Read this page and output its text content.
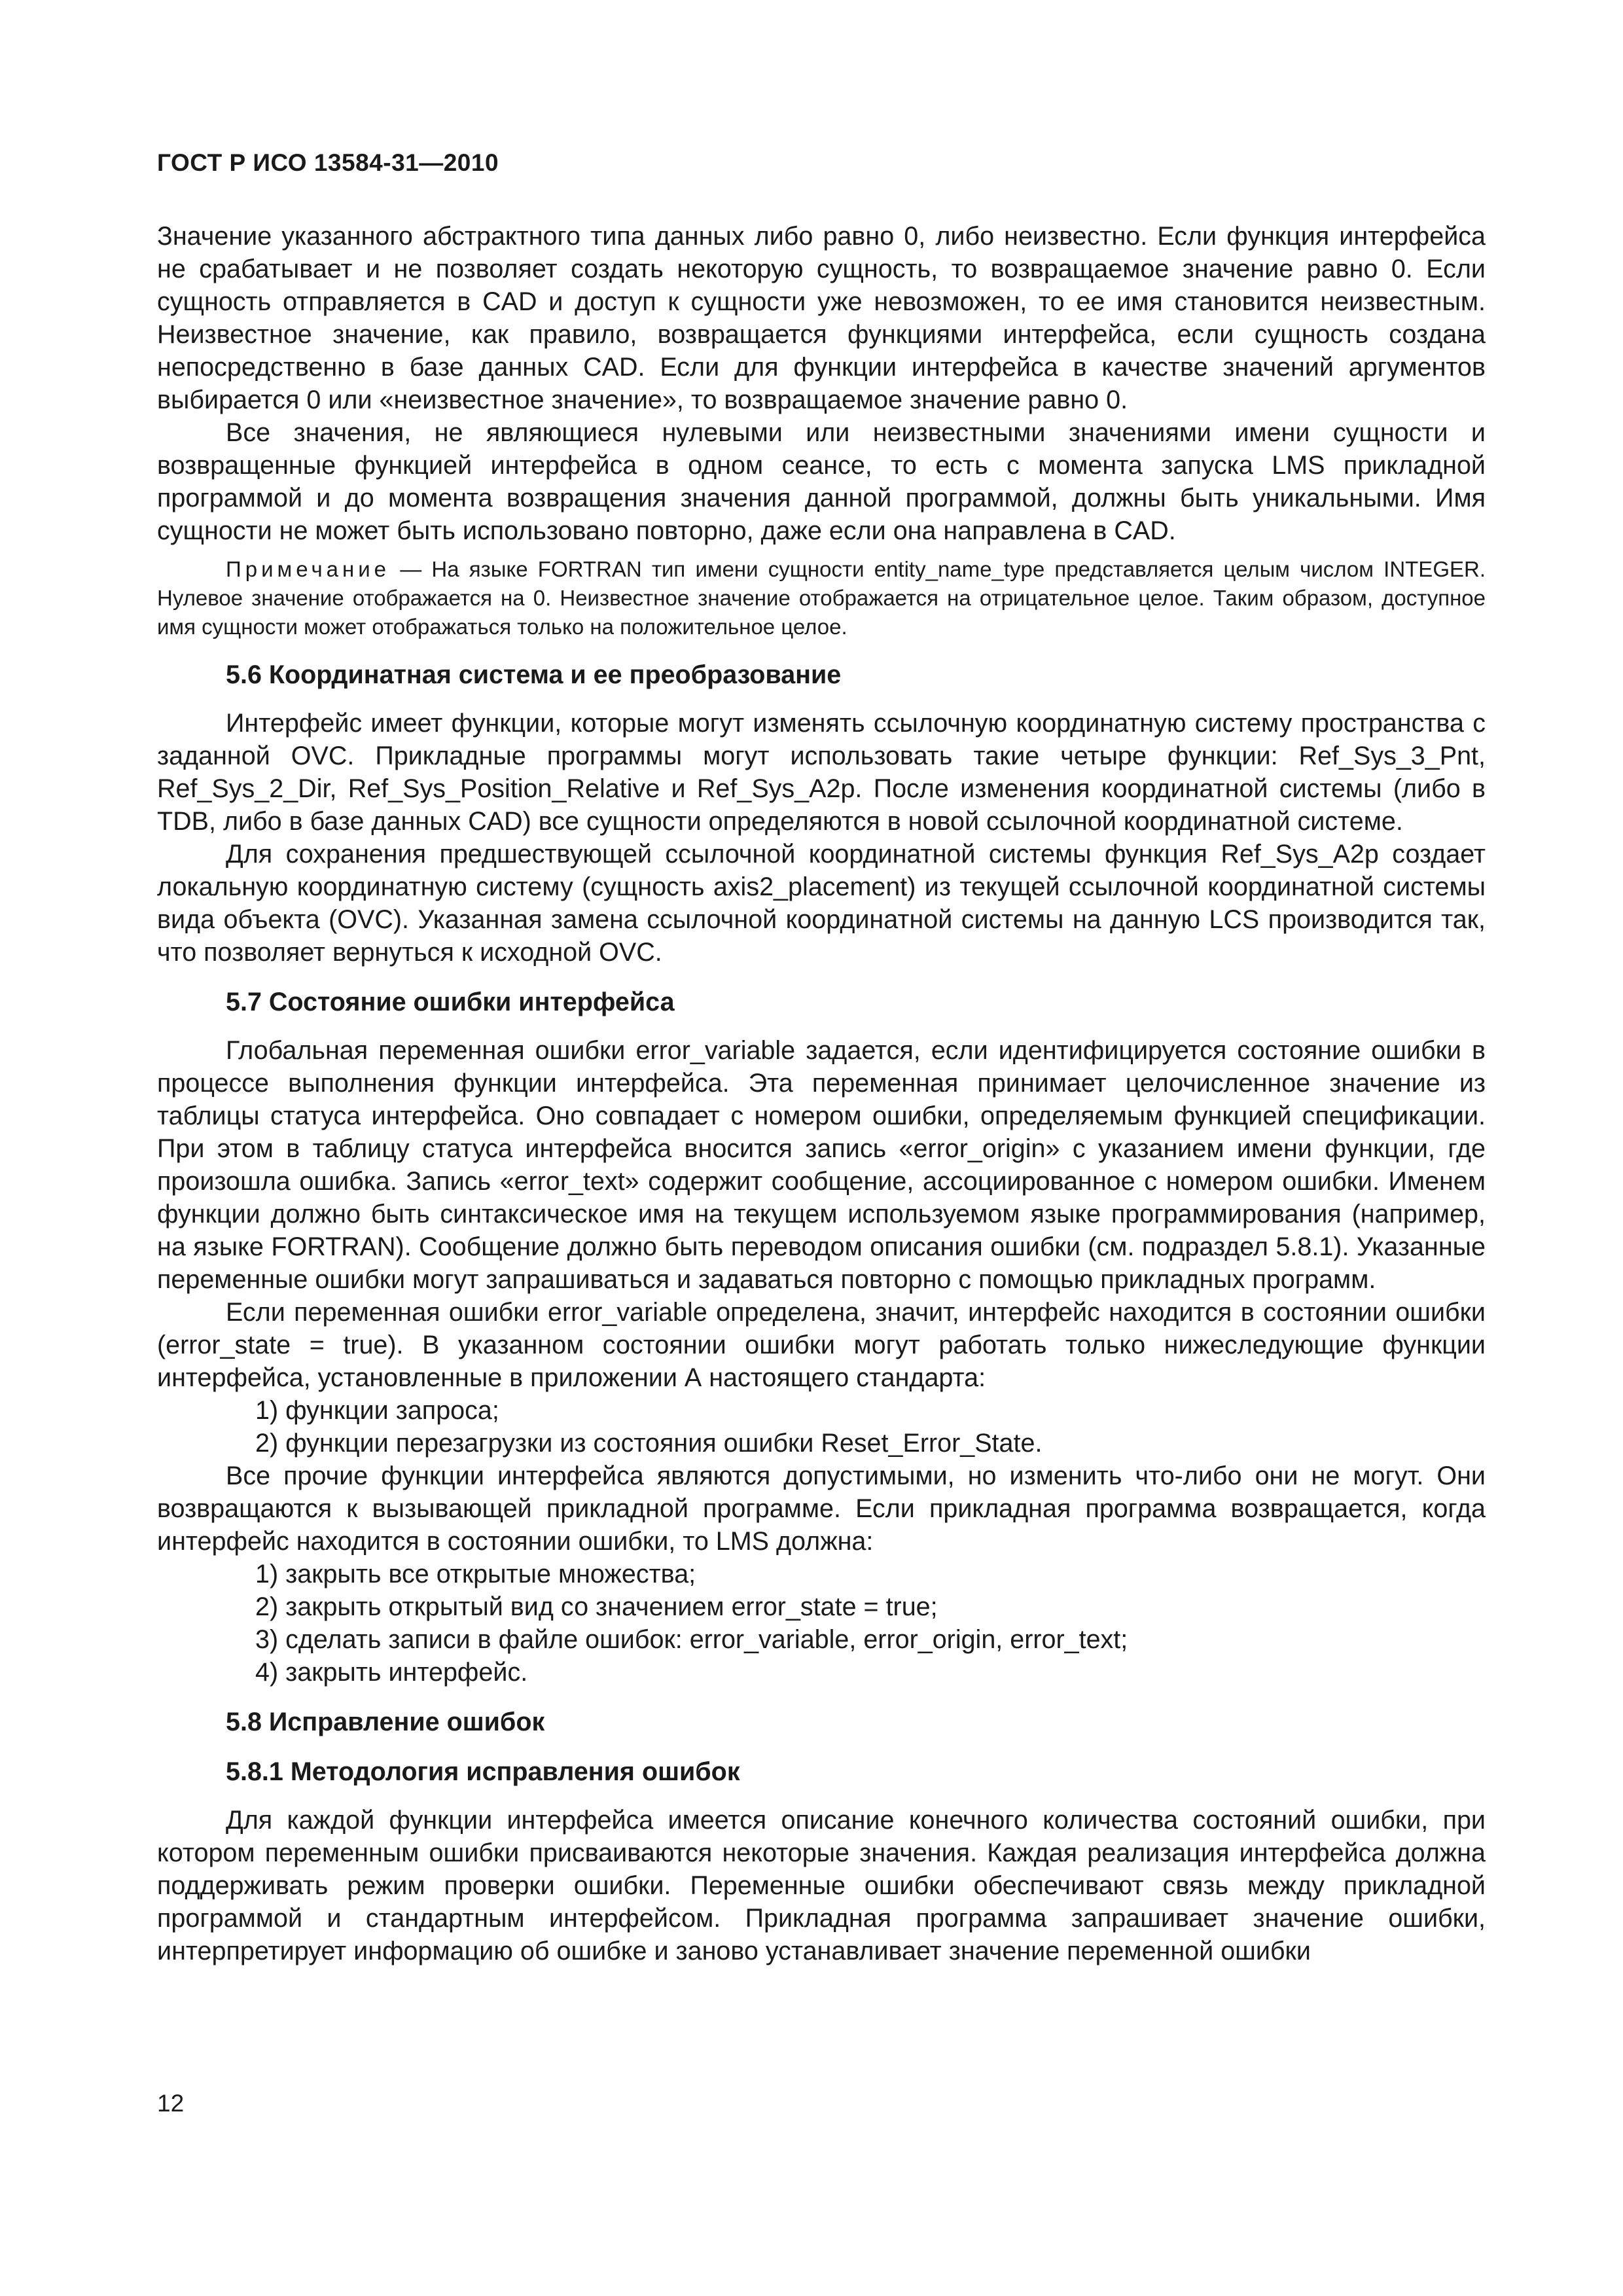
ГОСТ Р ИСО 13584-31—2010

Значение указанного абстрактного типа данных либо равно 0, либо неизвестно. Если функция интерфейса не срабатывает и не позволяет создать некоторую сущность, то возвращаемое значение равно 0. Если сущность отправляется в CAD и доступ к сущности уже невозможен, то ее имя становится неизвестным. Неизвестное значение, как правило, возвращается функциями интерфейса, если сущность создана непосредственно в базе данных CAD. Если для функции интерфейса в качестве значений аргументов выбирается 0 или «неизвестное значение», то возвращаемое значение равно 0.

Все значения, не являющиеся нулевыми или неизвестными значениями имени сущности и возвращенные функцией интерфейса в одном сеансе, то есть с момента запуска LMS прикладной программой и до момента возвращения значения данной программой, должны быть уникальными. Имя сущности не может быть использовано повторно, даже если она направлена в CAD.

Примечание — На языке FORTRAN тип имени сущности entity_name_type представляется целым числом INTEGER. Нулевое значение отображается на 0. Неизвестное значение отображается на отрицательное целое. Таким образом, доступное имя сущности может отображаться только на положительное целое.

5.6 Координатная система и ее преобразование

Интерфейс имеет функции, которые могут изменять ссылочную координатную систему пространства с заданной OVC. Прикладные программы могут использовать такие четыре функции: Ref_Sys_3_Pnt, Ref_Sys_2_Dir, Ref_Sys_Position_Relative и Ref_Sys_A2p. После изменения координатной системы (либо в TDB, либо в базе данных CAD) все сущности определяются в новой ссылочной координатной системе.

Для сохранения предшествующей ссылочной координатной системы функция Ref_Sys_A2p создает локальную координатную систему (сущность axis2_placement) из текущей ссылочной координатной системы вида объекта (OVC). Указанная замена ссылочной координатной системы на данную LCS производится так, что позволяет вернуться к исходной OVC.

5.7 Состояние ошибки интерфейса

Глобальная переменная ошибки error_variable задается, если идентифицируется состояние ошибки в процессе выполнения функции интерфейса. Эта переменная принимает целочисленное значение из таблицы статуса интерфейса. Оно совпадает с номером ошибки, определяемым функцией спецификации. При этом в таблицу статуса интерфейса вносится запись «error_origin» с указанием имени функции, где произошла ошибка. Запись «error_text» содержит сообщение, ассоциированное с номером ошибки. Именем функции должно быть синтаксическое имя на текущем используемом языке программирования (например, на языке FORTRAN). Сообщение должно быть переводом описания ошибки (см. подраздел 5.8.1). Указанные переменные ошибки могут запрашиваться и задаваться повторно с помощью прикладных программ.

Если переменная ошибки error_variable определена, значит, интерфейс находится в состоянии ошибки (error_state = true). В указанном состоянии ошибки могут работать только нижеследующие функции интерфейса, установленные в приложении А настоящего стандарта:

1) функции запроса;

2) функции перезагрузки из состояния ошибки Reset_Error_State.

Все прочие функции интерфейса являются допустимыми, но изменить что-либо они не могут. Они возвращаются к вызывающей прикладной программе. Если прикладная программа возвращается, когда интерфейс находится в состоянии ошибки, то LMS должна:

1) закрыть все открытые множества;

2) закрыть открытый вид со значением error_state = true;

3) сделать записи в файле ошибок: error_variable, error_origin, error_text;

4) закрыть интерфейс.

5.8 Исправление ошибок
5.8.1 Методология исправления ошибок

Для каждой функции интерфейса имеется описание конечного количества состояний ошибки, при котором переменным ошибки присваиваются некоторые значения. Каждая реализация интерфейса должна поддерживать режим проверки ошибки. Переменные ошибки обеспечивают связь между прикладной программой и стандартным интерфейсом. Прикладная программа запрашивает значение ошибки, интерпретирует информацию об ошибке и заново устанавливает значение переменной ошибки

12
